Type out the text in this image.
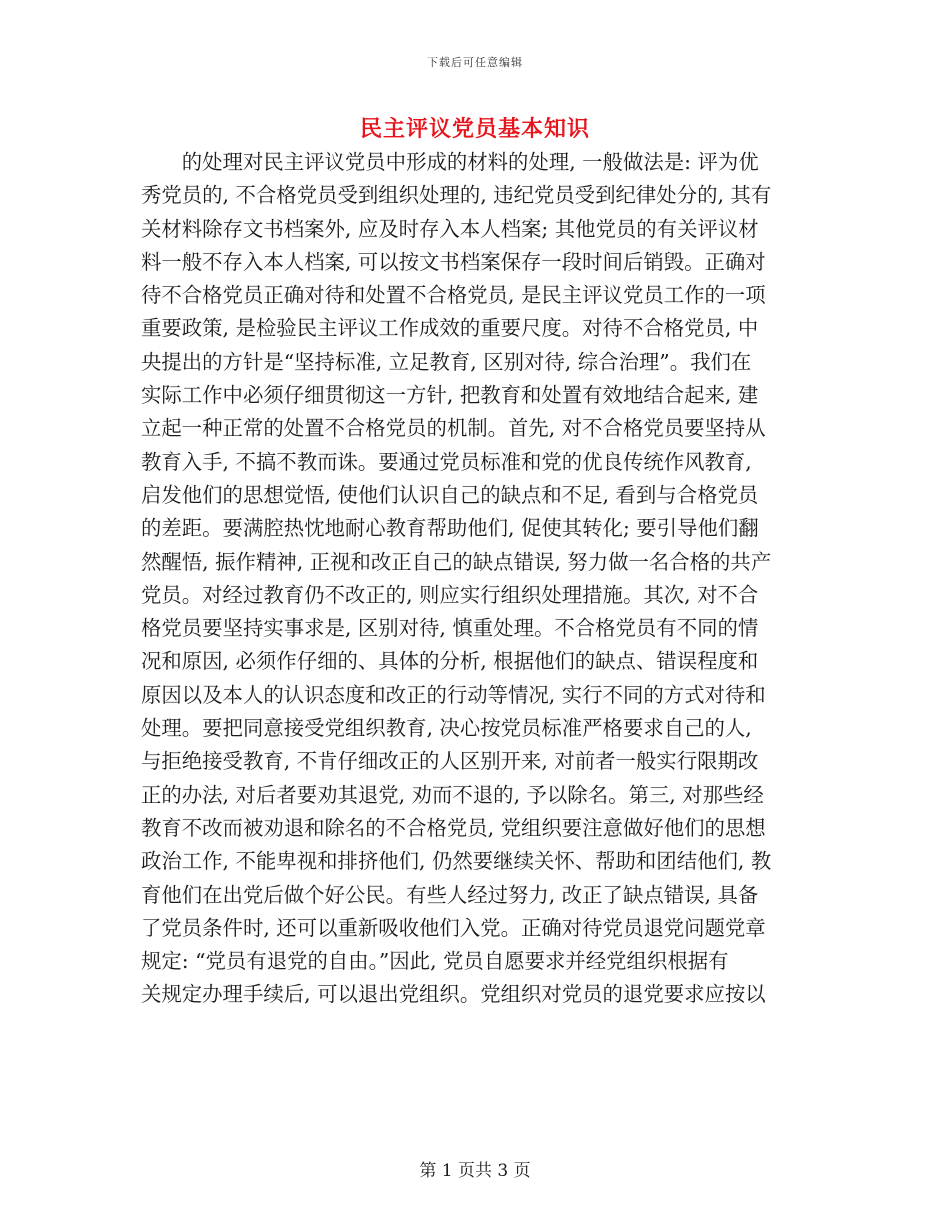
下载后可任意编辑
民主评议党员基本知识
　　的处理对民主评议党员中形成的材料的处理, 一般做法是: 评为优
秀党员的, 不合格党员受到组织处理的, 违纪党员受到纪律处分的, 其有
关材料除存文书档案外, 应及时存入本人档案; 其他党员的有关评议材
料一般不存入本人档案, 可以按文书档案保存一段时间后销毁。正确对
待不合格党员正确对待和处置不合格党员, 是民主评议党员工作的一项
重要政策, 是检验民主评议工作成效的重要尺度。对待不合格党员, 中
央提出的方针是“坚持标准, 立足教育, 区别对待, 综合治理”。我们在
实际工作中必须仔细贯彻这一方针, 把教育和处置有效地结合起来, 建
立起一种正常的处置不合格党员的机制。首先, 对不合格党员要坚持从
教育入手, 不搞不教而诛。要通过党员标准和党的优良传统作风教育,
启发他们的思想觉悟, 使他们认识自己的缺点和不足, 看到与合格党员
的差距。要满腔热忱地耐心教育帮助他们, 促使其转化; 要引导他们翻
然醒悟, 振作精神, 正视和改正自己的缺点错误, 努力做一名合格的共产
党员。对经过教育仍不改正的, 则应实行组织处理措施。其次, 对不合
格党员要坚持实事求是, 区别对待, 慎重处理。不合格党员有不同的情
况和原因, 必须作仔细的、具体的分析, 根据他们的缺点、错误程度和
原因以及本人的认识态度和改正的行动等情况, 实行不同的方式对待和
处理。要把同意接受党组织教育, 决心按党员标准严格要求自己的人,
与拒绝接受教育, 不肯仔细改正的人区别开来, 对前者一般实行限期改
正的办法, 对后者要劝其退党, 劝而不退的, 予以除名。第三, 对那些经
教育不改而被劝退和除名的不合格党员, 党组织要注意做好他们的思想
政治工作, 不能卑视和排挤他们, 仍然要继续关怀、帮助和团结他们, 教
育他们在出党后做个好公民。有些人经过努力, 改正了缺点错误, 具备
了党员条件时, 还可以重新吸收他们入党。正确对待党员退党问题党章
规定: “党员有退党的自由。”因此, 党员自愿要求并经党组织根据有
关规定办理手续后, 可以退出党组织。党组织对党员的退党要求应按以
第 1 页共 3 页
